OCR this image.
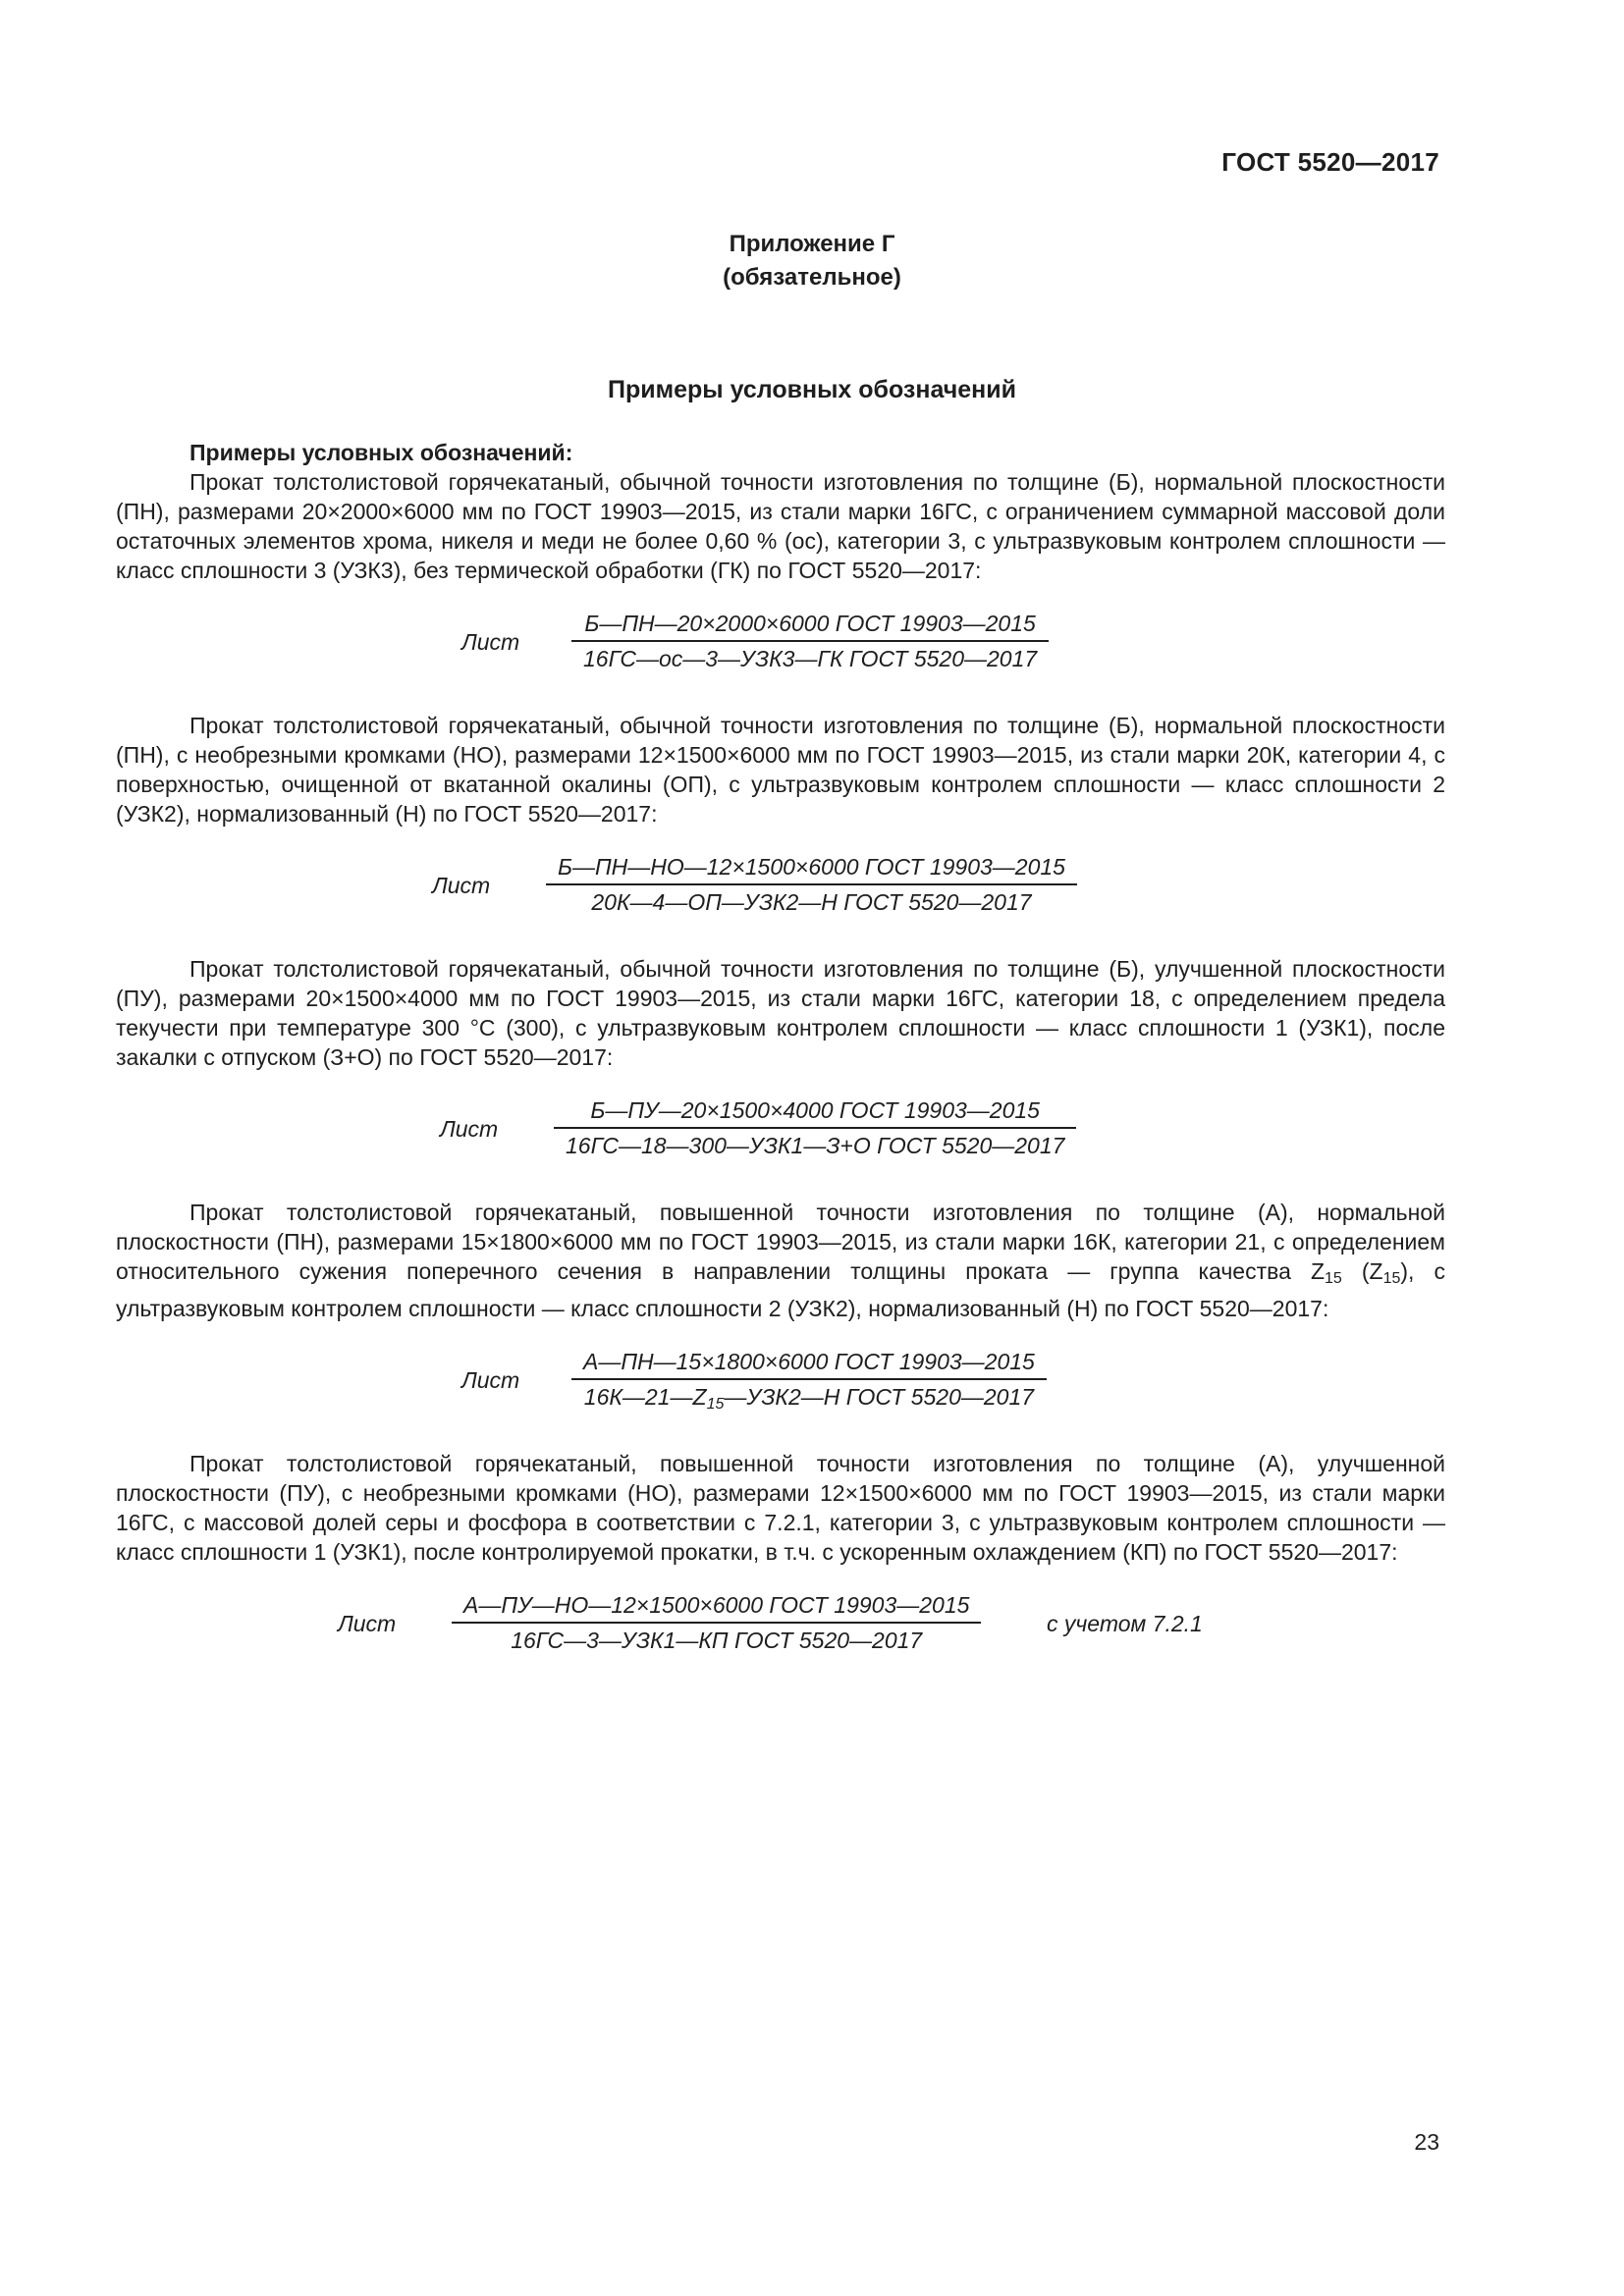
ГОСТ 5520—2017
Приложение Г
(обязательное)
Примеры условных обозначений
Примеры условных обозначений:

Прокат толстолистовой горячекатаный, обычной точности изготовления по толщине (Б), нормальной плоскостности (ПН), размерами 20×2000×6000 мм по ГОСТ 19903—2015, из стали марки 16ГС, с ограничением суммарной массовой доли остаточных элементов хрома, никеля и меди не более 0,60 % (ос), категории 3, с ультразвуковым контролем сплошности — класс сплошности 3 (УЗК3), без термической обработки (ГК) по ГОСТ 5520—2017:

Лист
Б—ПН—20×2000×6000 ГОСТ 19903—2015
16ГС—ос—3—УЗК3—ГК ГОСТ 5520—2017

Прокат толстолистовой горячекатаный, обычной точности изготовления по толщине (Б), нормальной плоскостности (ПН), с необрезными кромками (НО), размерами 12×1500×6000 мм по ГОСТ 19903—2015, из стали марки 20К, категории 4, с поверхностью, очищенной от вкатанной окалины (ОП), с ультразвуковым контролем сплошности — класс сплошности 2 (УЗК2), нормализованный (Н) по ГОСТ 5520—2017:

Лист
Б—ПН—НО—12×1500×6000 ГОСТ 19903—2015
20К—4—ОП—УЗК2—Н ГОСТ 5520—2017

Прокат толстолистовой горячекатаный, обычной точности изготовления по толщине (Б), улучшенной плоскостности (ПУ), размерами 20×1500×4000 мм по ГОСТ 19903—2015, из стали марки 16ГС, категории 18, с определением предела текучести при температуре 300 °С (300), с ультразвуковым контролем сплошности — класс сплошности 1 (УЗК1), после закалки с отпуском (З+О) по ГОСТ 5520—2017:

Лист
Б—ПУ—20×1500×4000 ГОСТ 19903—2015
16ГС—18—300—УЗК1—З+О ГОСТ 5520—2017

Прокат толстолистовой горячекатаный, повышенной точности изготовления по толщине (А), нормальной плоскостности (ПН), размерами 15×1800×6000 мм по ГОСТ 19903—2015, из стали марки 16К, категории 21, с определением относительного сужения поперечного сечения в направлении толщины проката — группа качества $Z_{15}$ $(Z_{15})$, с ультразвуковым контролем сплошности — класс сплошности 2 (УЗК2), нормализованный (Н) по ГОСТ 5520—2017:

Лист
А—ПН—15×1800×6000 ГОСТ 19903—2015
$16К—21—Z_{15}—УЗК2—Н$ ГОСТ 5520—2017

Прокат толстолистовой горячекатаный, повышенной точности изготовления по толщине (А), улучшенной плоскостности (ПУ), с необрезными кромками (НО), размерами 12×1500×6000 мм по ГОСТ 19903—2015, из стали марки 16ГС, с массовой долей серы и фосфора в соответствии с 7.2.1, категории 3, с ультразвуковым контролем сплошности — класс сплошности 1 (УЗК1), после контролируемой прокатки, в т.ч. с ускоренным охлаждением (КП) по ГОСТ 5520—2017:

Лист
А—ПУ—НО—12×1500×6000 ГОСТ 19903—2015
16ГС—3—УЗК1—КП ГОСТ 5520—2017
с учетом 7.2.1
23
